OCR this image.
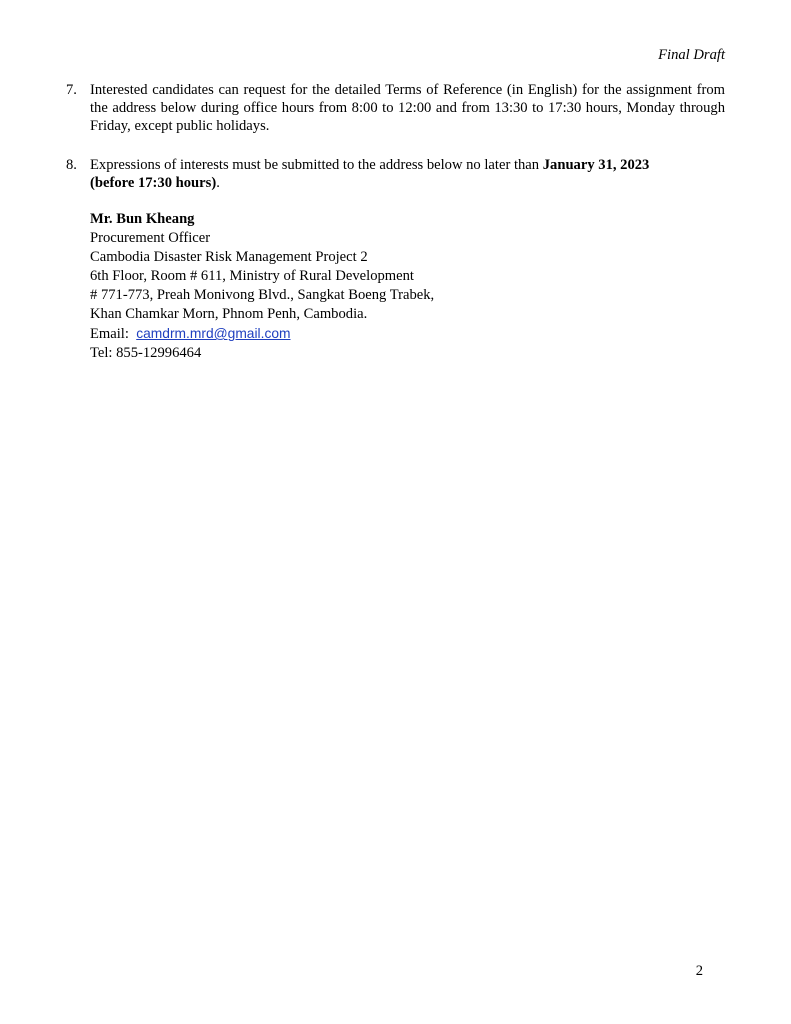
Final Draft
7. Interested candidates can request for the detailed Terms of Reference (in English) for the assignment from the address below during office hours from 8:00 to 12:00 and from 13:30 to 17:30 hours, Monday through Friday, except public holidays.
8. Expressions of interests must be submitted to the address below no later than January 31, 2023
(before 17:30 hours).
Mr. Bun Kheang
Procurement Officer
Cambodia Disaster Risk Management Project 2
6th Floor, Room # 611, Ministry of Rural Development
# 771-773, Preah Monivong Blvd., Sangkat Boeng Trabek,
Khan Chamkar Morn, Phnom Penh, Cambodia.
Email: camdrm.mrd@gmail.com
Tel: 855-12996464
2
